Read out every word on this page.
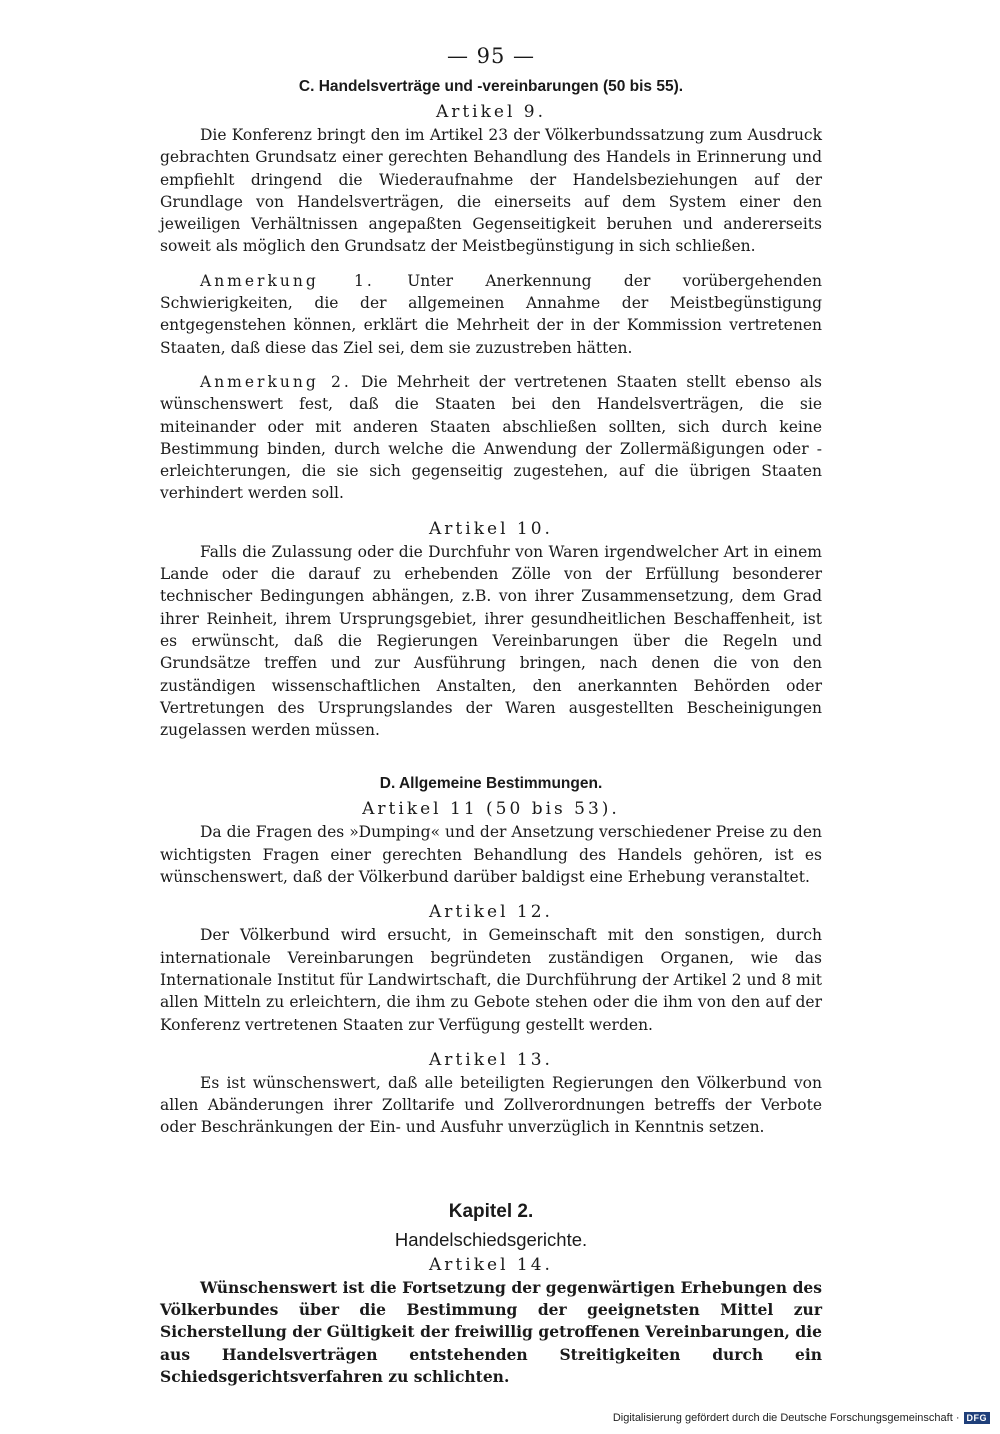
— 95 —
C. Handelsverträge und -vereinbarungen (50 bis 55).
Artikel 9.

Die Konferenz bringt den im Artikel 23 der Völkerbundssatzung zum Ausdruck gebrachten Grundsatz einer gerechten Behandlung des Handels in Erinnerung und empfiehlt dringend die Wiederaufnahme der Handelsbeziehungen auf der Grundlage von Handelsverträgen, die einerseits auf dem System einer den jeweiligen Verhältnissen angepaßten Gegenseitigkeit beruhen und andererseits soweit als möglich den Grundsatz der Meistbegünstigung in sich schließen.

Anmerkung 1. Unter Anerkennung der vorübergehenden Schwierigkeiten, die der allgemeinen Annahme der Meistbegünstigung entgegenstehen können, erklärt die Mehrheit der in der Kommission vertretenen Staaten, daß diese das Ziel sei, dem sie zuzustreben hätten.

Anmerkung 2. Die Mehrheit der vertretenen Staaten stellt ebenso als wünschenswert fest, daß die Staaten bei den Handelsverträgen, die sie miteinander oder mit anderen Staaten abschließen sollten, sich durch keine Bestimmung binden, durch welche die Anwendung der Zollermäßigungen oder -erleichterungen, die sie sich gegenseitig zugestehen, auf die übrigen Staaten verhindert werden soll.

Artikel 10.

Falls die Zulassung oder die Durchfuhr von Waren irgendwelcher Art in einem Lande oder die darauf zu erhebenden Zölle von der Erfüllung besonderer technischer Bedingungen abhängen, z.B. von ihrer Zusammensetzung, dem Grad ihrer Reinheit, ihrem Ursprungsgebiet, ihrer gesundheitlichen Beschaffenheit, ist es erwünscht, daß die Regierungen Vereinbarungen über die Regeln und Grundsätze treffen und zur Ausführung bringen, nach denen die von den zuständigen wissenschaftlichen Anstalten, den anerkannten Behörden oder Vertretungen des Ursprungslandes der Waren ausgestellten Bescheinigungen zugelassen werden müssen.

D. Allgemeine Bestimmungen.
Artikel 11 (50 bis 53).

Da die Fragen des »Dumping« und der Ansetzung verschiedener Preise zu den wichtigsten Fragen einer gerechten Behandlung des Handels gehören, ist es wünschenswert, daß der Völkerbund darüber baldigst eine Erhebung veranstaltet.

Artikel 12.

Der Völkerbund wird ersucht, in Gemeinschaft mit den sonstigen, durch internationale Vereinbarungen begründeten zuständigen Organen, wie das Internationale Institut für Landwirtschaft, die Durchführung der Artikel 2 und 8 mit allen Mitteln zu erleichtern, die ihm zu Gebote stehen oder die ihm von den auf der Konferenz vertretenen Staaten zur Verfügung gestellt werden.

Artikel 13.

Es ist wünschenswert, daß alle beteiligten Regierungen den Völkerbund von allen Abänderungen ihrer Zolltarife und Zollverordnungen betreffs der Verbote oder Beschränkungen der Ein- und Ausfuhr unverzüglich in Kenntnis setzen.

Kapitel 2.
Handelschiedsgerichte.
Artikel 14.

Wünschenswert ist die Fortsetzung der gegenwärtigen Erhebungen des Völkerbundes über die Bestimmung der geeignetsten Mittel zur Sicherstellung der Gültigkeit der freiwillig getroffenen Vereinbarungen, die aus Handelsverträgen entstehenden Streitigkeiten durch ein Schiedsgerichtsverfahren zu schlichten.

Digitalisierung gefördert durch die Deutsche Forschungsgemeinschaft · DFG
